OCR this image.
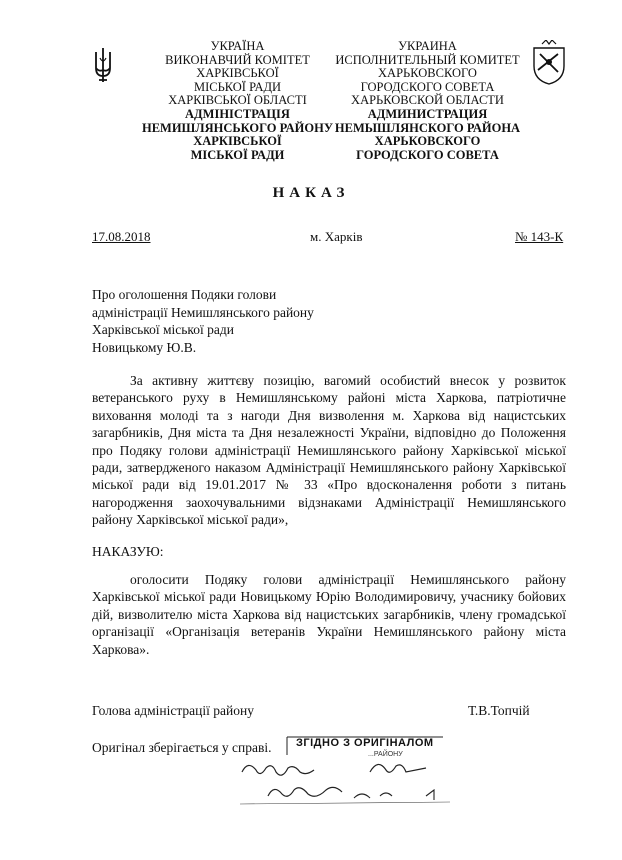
УКРАЇНА
ВИКОНАВЧИЙ КОМІТЕТ
ХАРКІВСЬКОЇ
МІСЬКОЇ РАДИ
ХАРКІВСЬКОЇ ОБЛАСТІ
АДМІНІСТРАЦІЯ
НЕМИШЛЯНСЬКОГО РАЙОНУ
ХАРКІВСЬКОЇ
МІСЬКОЇ РАДИ
УКРАИНА
ИСПОЛНИТЕЛЬНЫЙ КОМИТЕТ
ХАРЬКОВСКОГО
ГОРОДСКОГО СОВЕТА
ХАРЬКОВСКОЙ ОБЛАСТИ
АДМИНИСТРАЦИЯ
НЕМЫШЛЯНСКОГО РАЙОНА
ХАРЬКОВСКОГО
ГОРОДСКОГО СОВЕТА
НАКАЗ
17.08.2018	м. Харків	№ 143-К
Про оголошення Подяки голови
адміністрації Немишлянського району
Харківської міської ради
Новицькому Ю.В.
За активну життєву позицію, вагомий особистий внесок у розвиток ветеранського руху в Немишлянському районі міста Харкова, патріотичне виховання молоді та з нагоди Дня визволення м. Харкова від нацистських загарбників, Дня міста та Дня незалежності України, відповідно до Положення про Подяку голови адміністрації Немишлянського району Харківської міської ради, затвердженого наказом Адміністрації Немишлянського району Харківської міської ради від 19.01.2017 № 33 «Про вдосконалення роботи з питань нагородження заохочувальними відзнаками Адміністрації Немишлянського району Харківської міської ради»,
НАКАЗУЮ:
оголосити Подяку голови адміністрації Немишлянського району Харківської міської ради Новицькому Юрію Володимировичу, учаснику бойових дій, визволителю міста Харкова від нацистських загарбників, члену громадської організації «Організація ветеранів України Немишлянського району міста Харкова».
Голова адміністрації району	Т.В.Топчій
Оригінал зберігається у справі. ЗГІДНО З ОРИГІНАЛОМ
...РАЙОНУ
